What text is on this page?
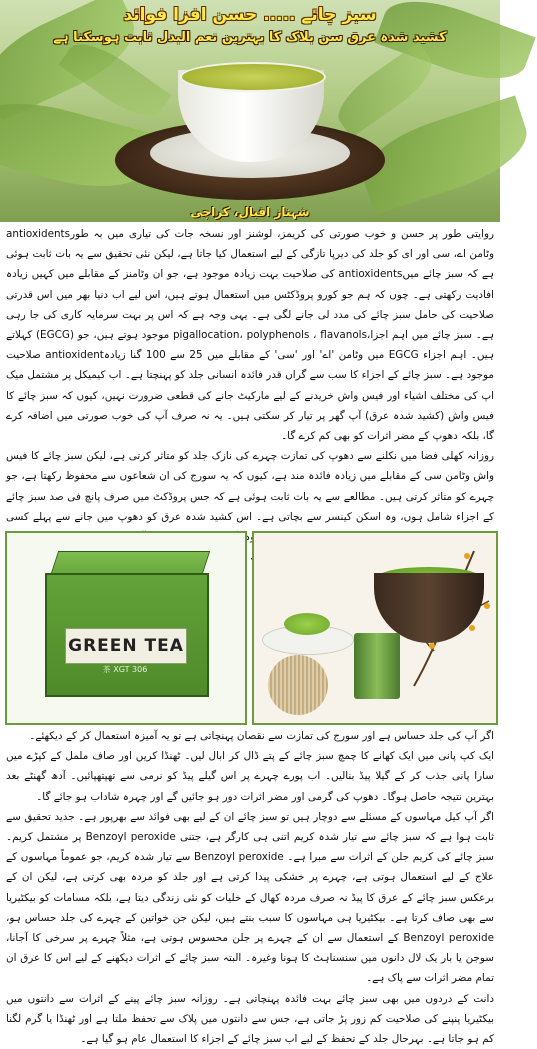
سبز چائے ..... حسن افزا فوائد
کشید شدہ عرق سن بلاک کا بہترین نعم البدل ثابت ہوسکتا ہے
شہناز اقبال، کراچی

روایتی طور پر حسن و خوب صورتی کی کریمز، لوشنز اور نسخہ جات کی تیاری میں بہ طورantioxidents وٹامن اے، سی اور ای کو جلد کی دیرپا تازگی کے لیے استعمال کیا جاتا ہے، لیکن نئی تحقیق سے یہ بات ثابت ہوئی ہے کہ سبز چائے میںantioxidents کی صلاحیت بہت زیادہ موجود ہے، جو ان وٹامنز کے مقابلے میں کہیں زیادہ افادیت رکھتی ہے۔ چوں کہ ہم جو کورو پروڈکٹس میں استعمال ہوتے ہیں، اس لیے اب دنیا بھر میں اس قدرتی صلاحیت کی حامل سبز چائے کی مدد لی جانے لگی ہے۔ یہی وجہ ہے کہ اس پر بہت سرمایہ کاری کی جا رہی ہے۔ سبز چائے میں اہم اجزا،pigallocation، polyphenols ، flavanols موجود ہوتے ہیں، جو (EGCG) کہلاتے ہیں۔ اہم اجزاء EGCG میں وٹامن 'اے' اور 'سی' کے مقابلے میں 25 سے 100 گنا زیادہantioxident صلاحیت موجود ہے۔ سبز چائے کے اجزاء کا سب سے گراں قدر فائدہ انسانی جلد کو پہنچتا ہے۔ اب کیمیکل پر مشتمل میک اپ کی مختلف اشیاء اور فیس واش خریدنے کے لیے مارکیٹ جانے کی قطعی ضرورت نہیں، کیوں کہ سبز چائے کا فیس واش (کشید شدہ عرق) آپ گھر پر تیار کر سکتی ہیں۔ یہ نہ صرف آپ کی خوب صورتی میں اضافہ کرے گا، بلکہ دھوپ کے مضر اثرات کو بھی کم کرے گا۔

روزانہ کھلی فضا میں نکلنے سے دھوپ کی تمازت چہرے کی نازک جلد کو متاثر کرتی ہے، لیکن سبز چائے کا فیس واش وٹامن سی کے مقابلے میں زیادہ فائدہ مند ہے، کیوں کہ یہ سورج کی ان شعاعوں سے محفوظ رکھتا ہے، جو چہرے کو متاثر کرتی ہیں۔ مطالعے سے یہ بات ثابت ہوئی ہے کہ جس پروڈکٹ میں صرف پانچ فی صد سبز چائے کے اجزاء شامل ہوں، وہ اسکن کینسر سے بچاتی ہے۔ اس کشید شدہ عرق کو دھوپ میں جانے سے پہلے کسی

GREEN TEA
茶 XGT 306

اگر آپ کی جلد حساس ہے اور سورج کی تمازت سے نقصان پہنچاتی ہے تو یہ آمیزہ استعمال کر کے دیکھئے۔

ایک کپ پانی میں ایک کھانے کا چمچ سبز چائے کے پتے ڈال کر ابال لیں۔ ٹھنڈا کریں اور صاف ململ کے کپڑے میں سارا پانی جذب کر کے گیلا پیڈ بنالیں۔ اب پورے چہرے پر اس گیلے پیڈ کو نرمی سے تھپتھپائیں۔ آدھ گھنٹے بعد بہترین نتیجہ حاصل ہوگا۔ دھوپ کی گرمی اور مضر اثرات دور ہو جائیں گے اور چہرہ شاداب ہو جائے گا۔

اگر آپ کیل مہاسوں کے مسئلے سے دوچار ہیں تو سبز چائے ان کے لیے بھی فوائد سے بھرپور ہے۔ جدید تحقیق سے ثابت ہوا ہے کہ سبز چائے سے تیار شدہ کریم اتنی ہی کارگر ہے، جتنی Benzoyl peroxide پر مشتمل کریم۔ سبز چائے کی کریم جلن کے اثرات سے مبرا ہے۔ Benzoyl peroxide سے تیار شدہ کریم، جو عموماً مہاسوں کے علاج کے لیے استعمال ہوتی ہے، چہرے پر خشکی پیدا کرتی ہے اور جلد کو مردہ بھی کرتی ہے، لیکن ان کے برعکس سبز چائے کے عرق کا پیڈ نہ صرف مردہ کھال کے خلیات کو نئی زندگی دیتا ہے، بلکہ مسامات کو بیکٹیریا سے بھی صاف کرتا ہے۔ بیکٹیریا ہی مہاسوں کا سبب بنتے ہیں، لیکن جن خواتین کے چہرے کی جلد حساس ہو، Benzoyl peroxide کے استعمال سے ان کے چہرے پر جلن محسوس ہوتی ہے، مثلاً چہرے پر سرخی کا آجانا، سوجن یا بار یک لال دانوں میں سنسناہٹ کا ہونا وغیرہ۔ البتہ سبز چائے کے اثرات دیکھنے کے لیے اس کا عرق ان تمام مضر اثرات سے پاک ہے۔

دانت کے دردوں میں بھی سبز چائے بہت فائدہ پہنچاتی ہے۔ روزانہ سبز چائے پینے کے اثرات سے دانتوں میں بیکٹیریا پنپنے کی صلاحیت کم زور پڑ جاتی ہے، جس سے دانتوں میں پلاک سے تحفظ ملتا ہے اور ٹھنڈا یا گرم لگنا کم ہو جاتا ہے۔ بہرحال جلد کے تحفظ کے لیے اب سبز چائے کے اجزاء کا استعمال عام ہو گیا ہے۔
